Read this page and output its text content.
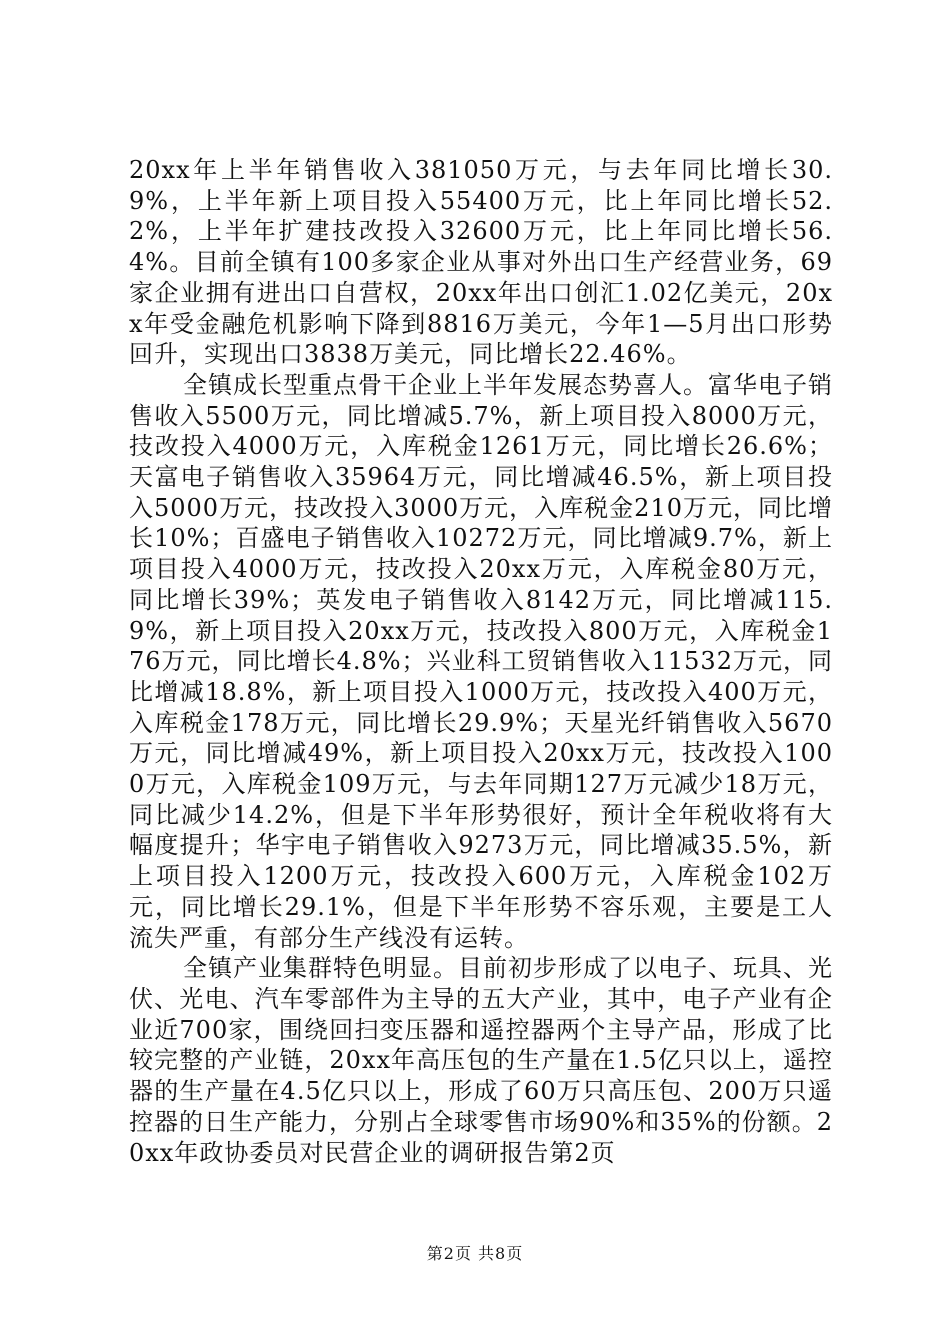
20xx年上半年销售收入381050万元，与去年同比增长30.9%，上半年新上项目投入55400万元，比上年同比增长52.2%，上半年扩建技改投入32600万元，比上年同比增长56.4%。目前全镇有100多家企业从事对外出口生产经营业务，69家企业拥有进出口自营权，20xx年出口创汇1.02亿美元，20xx年受金融危机影响下降到8816万美元，今年1—5月出口形势回升，实现出口3838万美元，同比增长22.46%。

全镇成长型重点骨干企业上半年发展态势喜人。富华电子销售收入5500万元，同比增减5.7%，新上项目投入8000万元，技改投入4000万元，入库税金1261万元，同比增长26.6%；天富电子销售收入35964万元，同比增减46.5%，新上项目投入5000万元，技改投入3000万元，入库税金210万元，同比增长10%；百盛电子销售收入10272万元，同比增减9.7%，新上项目投入4000万元，技改投入20xx万元，入库税金80万元，同比增长39%；英发电子销售收入8142万元，同比增减115.9%，新上项目投入20xx万元，技改投入800万元，入库税金176万元，同比增长4.8%；兴业科工贸销售收入11532万元，同比增减18.8%，新上项目投入1000万元，技改投入400万元，入库税金178万元，同比增长29.9%；天星光纤销售收入5670万元，同比增减49%，新上项目投入20xx万元，技改投入1000万元，入库税金109万元，与去年同期127万元减少18万元，同比减少14.2%，但是下半年形势很好，预计全年税收将有大幅度提升；华宇电子销售收入9273万元，同比增减35.5%，新上项目投入1200万元，技改投入600万元，入库税金102万元，同比增长29.1%，但是下半年形势不容乐观，主要是工人流失严重，有部分生产线没有运转。

全镇产业集群特色明显。目前初步形成了以电子、玩具、光伏、光电、汽车零部件为主导的五大产业，其中，电子产业有企业近700家，围绕回扫变压器和遥控器两个主导产品，形成了比较完整的产业链，20xx年高压包的生产量在1.5亿只以上，遥控器的生产量在4.5亿只以上，形成了60万只高压包、200万只遥控器的日生产能力，分别占全球零售市场90%和35%的份额。20xx年政协委员对民营企业的调研报告第2页

第2页 共8页
